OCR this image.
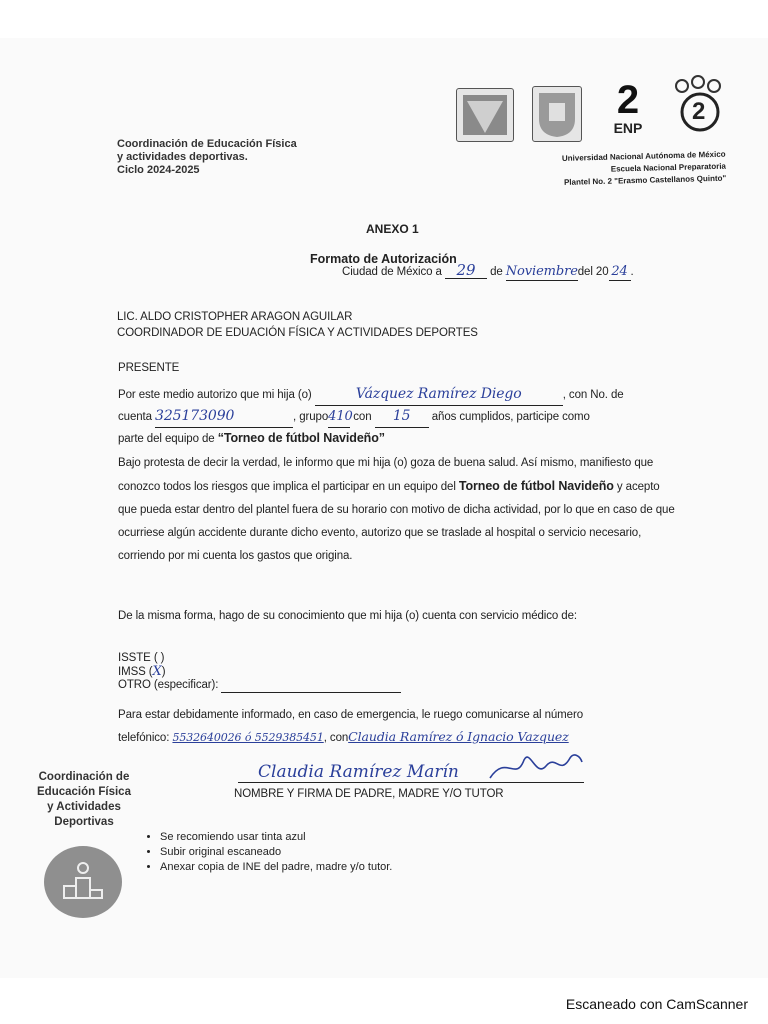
Coordinación de Educación Física
y actividades deportivas.
Ciclo 2024-2025
2
ENP
2
Universidad Nacional Autónoma de México
Escuela Nacional Preparatoria
Plantel No. 2 "Erasmo Castellanos Quinto"
ANEXO 1
Formato de Autorización
Ciudad de México a 29 de Noviembredel 20 24 .
LIC. ALDO CRISTOPHER ARAGON AGUILAR
COORDINADOR DE EDUACIÓN FÍSICA Y ACTIVIDADES DEPORTES
PRESENTE
Por este medio autorizo que mi hija (o)	Vázquez Ramírez Diego	, con No. de
cuenta 325173090	, grupo410 con 15 años cumplidos, participe como
parte del equipo de “Torneo de fútbol Navideño”
Bajo protesta de decir la verdad, le informo que mi hija (o) goza de buena salud. Así mismo, manifiesto que conozco todos los riesgos que implica el participar en un equipo del Torneo de fútbol Navideño y acepto que pueda estar dentro del plantel fuera de su horario con motivo de dicha actividad, por lo que en caso de que ocurriese algún accidente durante dicho evento, autorizo que se traslade al hospital o servicio necesario, corriendo por mi cuenta los gastos que origina.
De la misma forma, hago de su conocimiento que mi hija (o) cuenta con servicio médico de:
ISSTE ( )
IMSS (X)
OTRO (especificar):
Para estar debidamente informado, en caso de emergencia, le ruego comunicarse al número
telefónico: 5532640026 ó 5529385451, conClaudia Ramírez ó Ignacio Vazquez
Claudia Ramírez Marín
NOMBRE Y FIRMA DE PADRE, MADRE Y/O TUTOR
Coordinación de
Educación Física
y Actividades
Deportivas
• Se recomiendo usar tinta azul
• Subir original escaneado
• Anexar copia de INE del padre, madre y/o tutor.
Escaneado con CamScanner
